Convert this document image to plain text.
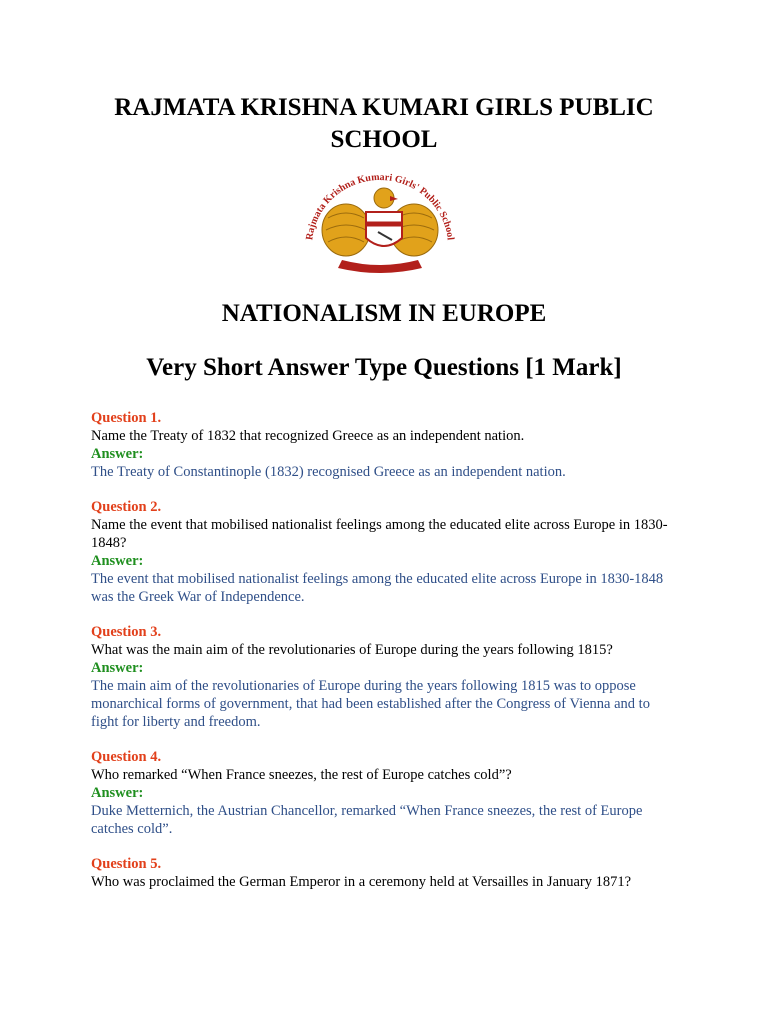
RAJMATA KRISHNA KUMARI GIRLS PUBLIC SCHOOL
Rajmata Krishna Kumari Girls' Public School
NATIONALISM IN EUROPE
Very Short Answer Type Questions [1 Mark]
Question 1.
Name the Treaty of 1832 that recognized Greece as an independent nation.
Answer:
The Treaty of Constantinople (1832) recognised Greece as an independent nation.
Question 2.
Name the event that mobilised nationalist feelings among the educated elite across Europe in 1830-1848?
Answer:
The event that mobilised nationalist feelings among the educated elite across Europe in 1830-1848 was the Greek War of Independence.
Question 3.
What was the main aim of the revolutionaries of Europe during the years following 1815?
Answer:
The main aim of the revolutionaries of Europe during the years following 1815 was to oppose monarchical forms of government, that had been established after the Congress of Vienna and to fight for liberty and freedom.
Question 4.
Who remarked “When France sneezes, the rest of Europe catches cold”?
Answer:
Duke Metternich, the Austrian Chancellor, remarked “When France sneezes, the rest of Europe catches cold”.
Question 5.
Who was proclaimed the German Emperor in a ceremony held at Versailles in January 1871?
